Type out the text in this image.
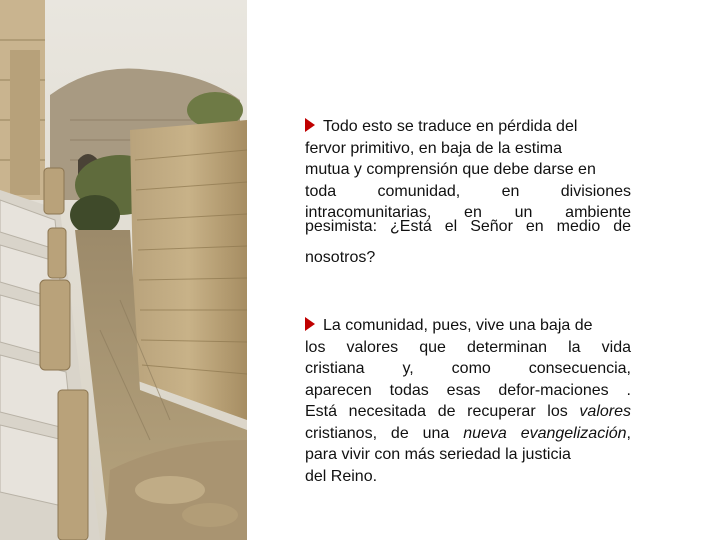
Todo esto se traduce en pérdida del
fervor primitivo, en baja de la estima
mutua y comprensión que debe darse en
toda comunidad, en divisiones
intracomunitarias, en un ambiente
pesimista: ¿Está el Señor en medio de
nosotros?
La comunidad, pues, vive una baja de
los valores que determinan la vida
cristiana y, como consecuencia,
aparecen todas esas defor-maciones .
Está necesitada de recuperar los valores
cristianos, de una nueva evangelización,
para vivir con más seriedad la justicia
del Reino.
